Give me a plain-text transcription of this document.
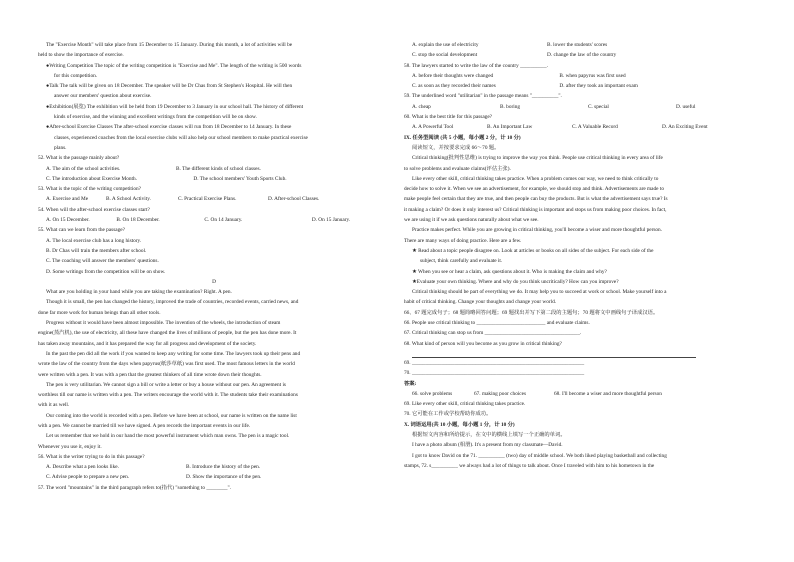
The "Exercise Month" will take place from 15 December to 15 January. During this month, a lot of activities will be
held to show the importance of exercise.
●Writing Competition The topic of the writing competition is "Exercise and Me". The length of the writing is 500 words
for this competition.
●Talk The talk will be given on 18 December. The speaker will be Dr Chas from St Stephen's Hospital. He will then
answer our members' question about exercise.
●Exhibition(展览) The exhibition will be held from 19 December to 3 January in our school hall. The history of different
kinds of exercise, and the winning and excellent writings from the competition will be on show.
●After-school Exercise Classes The after-school exercise classes will run from 18 December to 14 January. In these
classes, experienced coaches from the local exercise clubs will also help our school members to make practical exercise
plans.
52. What is the passage mainly about?
A. The aim of the school activities.	B. The different kinds of school classes.
C. The introduction about Exercise Month.	D. The school members' Youth Sports Club.
53. What is the topic of the writing competition?
A. Exercise and Me	B. A School Activity.	C. Practical Exercise Plans.	D. After-school Classes.
54. When will the after-school exercise classes start?
A. On 15 December.	B. On 18 December.	C. On 14 January.	D. On 15 January.
55. What can we learn from the passage?
A. The local exercise club has a long history.
B. Dr Chas will train the members after school.
C. The coaching will answer the members' questions.
D. Some writings from the competition will be on show.
D
What are you holding in your hand while you are taking the examination? Right. A pen.
Though it is small, the pen has changed the history, improved the trade of countries, recorded events, carried news, and
done far more work for human beings than all other tools.
Progress without it would have been almost impossible. The invention of the wheels, the introduction of steam
engine(蒸汽机), the use of electricity, all these have changed the lives of millions of people, but the pen has done more. It
has taken away mountains, and it has prepared the way for all progress and development of the society.
In the past the pen did all the work if you wanted to keep any writing for some time. The lawyers took up their pens and
wrote the law of the country from the days when papyrus(纸莎草纸) was first used. The most famous letters in the world
were written with a pen. It was with a pen that the greatest thinkers of all time wrote down their thoughts.
The pen is very utilitarian. We cannot sign a bill or write a letter or buy a house without our pen. An agreement is
worthless till our name is written with a pen. The writers encourage the world with it. The students take their examinations
with it as well.
Our coming into the world is recorded with a pen. Before we have been at school, our name is written on the name list
with a pen. We cannot be married till we have signed. A pen records the important events in our life.
Let us remember that we hold in our hand the most powerful instrument which man owns. The pen is a magic tool.
Whenever you use it, enjoy it.
56. What is the writer trying to do in this passage?
A. Describe what a pen looks like.	B. Introduce the history of the pen.
C. Advise people to prepare a new pen.	D. Show the importance of the pen.
57. The word "mountains" in the third paragraph refers to(指代) "something to ________".
A. explain the use of electricity	B. lower the students' scores
C. stop the social development	D. change the law of the country
58. The lawyers started to write the law of the country __________.
A. before their thoughts were changed	B. when papyrus was first used
C. as soon as they recorded their names	D. after they took an important exam
59. The underlined word "utilitarian" in the passage means "__________".
A. cheap	B. boring	C. special	D. useful
60. What is the best title for this passage?
A. A Powerful Tool	B. An Important Law	C. A Valuable Record	D. An Exciting Event
IX. 任务型阅读 (共 5 小题，每小题 2 分，计 10 分)
阅读短文，并按要求完成 66～70 题。
Critical thinking(批判性思维) is trying to improve the way you think. People use critical thinking in every area of life
to solve problems and evaluate claims(评估主张).
Like every other skill, critical thinking takes practice. When a problem comes our way, we need to think critically to
decide how to solve it. When we see an advertisement, for example, we should stop and think. Advertisements are made to
make people feel certain that they are true, and then people can buy the products. But is what the advertisement says true? Is
it making a claim? Or does it only interest us? Critical thinking is important and stops us from making poor choices. In fact,
we are using it if we ask questions naturally about what we see.
Practice makes perfect. While you are growing in critical thinking, you'll become a wiser and more thoughtful person.
There are many ways of doing practice. Here are a few.
★ Read about a topic people disagree on. Look at articles or books on all sides of the subject. For each side of the
subject, think carefully and evaluate it.
★ When you see or hear a claim, ask questions about it. Who is making the claim and why?
★Evaluate your own thinking. Where and why do you think uncritically? How can you improve?
Critical thinking should be part of everything we do. It may help you to succeed at work or school. Make yourself into a
habit of critical thinking. Change your thoughts and change your world.
66、67 题完成句子；68 题简略回答问题；69 题找出并写下第二段的主题句；70 题将文中画线句子译成汉语。
66. People use critical thinking to __________________________ and evaluate claims.
67. Critical thinking can stop us from ____________________________________.
68. What kind of person will you become as you grow in critical thinking?
69. _________________________________________________________________
70. _________________________________________________________________
答案:
66. solve problems	67. making poor choices	68. I'll become a wiser and more thoughtful person
69. Like every other skill, critical thinking takes practice.
70. 它可能在工作或学校帮助你成功。
X. 词语运用(共 10 小题，每小题 1 分，计 10 分)
根据短文内容和所给提示，在文中的横线上填写一个正确的单词。
I have a photo album (相册). It's a present from my classmate—David.
I got to know David on the 71. __________ (two) day of middle school. We both liked playing basketball and collecting
stamps, 72. s__________ we always had a lot of things to talk about. Once I traveled with him to his hometown in the
